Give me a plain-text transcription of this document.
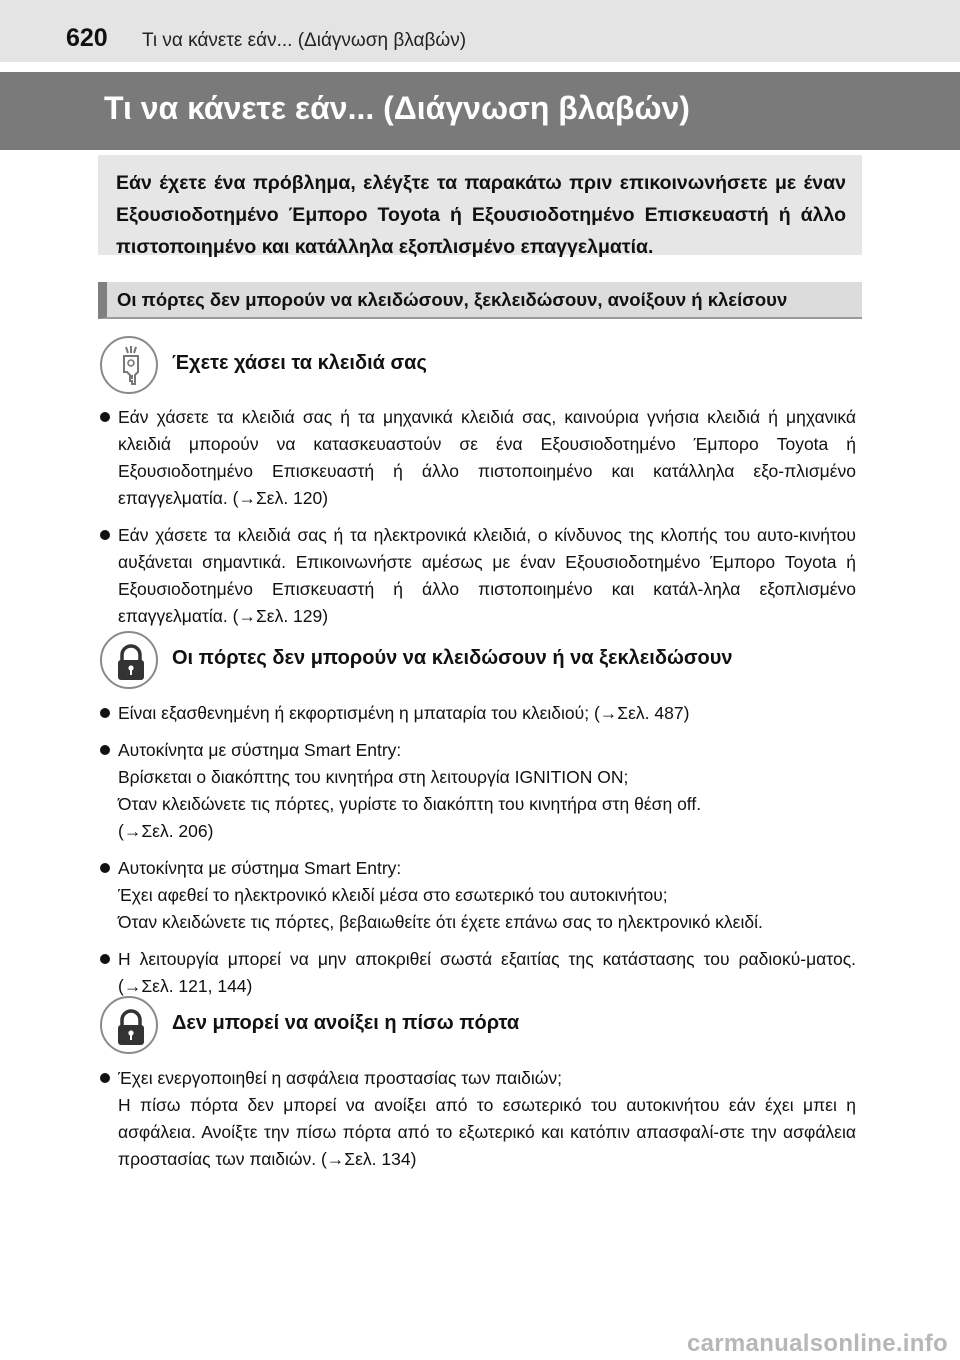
620 Τι να κάνετε εάν... (Διάγνωση βλαβών)
Τι να κάνετε εάν... (Διάγνωση βλαβών)
Εάν έχετε ένα πρόβλημα, ελέγξτε τα παρακάτω πριν επικοινωνήσετε με έναν Εξουσιοδοτημένο Έμπορο Toyota ή Εξουσιοδοτημένο Επισκευαστή ή άλλο πιστοποιημένο και κατάλληλα εξοπλισμένο επαγγελματία.
Οι πόρτες δεν μπορούν να κλειδώσουν, ξεκλειδώσουν, ανοίξουν ή κλείσουν
Έχετε χάσει τα κλειδιά σας
Εάν χάσετε τα κλειδιά σας ή τα μηχανικά κλειδιά σας, καινούρια γνήσια κλειδιά ή μηχανικά κλειδιά μπορούν να κατασκευαστούν σε ένα Εξουσιοδοτημένο Έμπορο Toyota ή Εξουσιοδοτημένο Επισκευαστή ή άλλο πιστοποιημένο και κατάλληλα εξο-πλισμένο επαγγελματία. (→Σελ. 120)
Εάν χάσετε τα κλειδιά σας ή τα ηλεκτρονικά κλειδιά, ο κίνδυνος της κλοπής του αυτο-κινήτου αυξάνεται σημαντικά. Επικοινωνήστε αμέσως με έναν Εξουσιοδοτημένο Έμπορο Toyota ή Εξουσιοδοτημένο Επισκευαστή ή άλλο πιστοποιημένο και κατάλ-ληλα εξοπλισμένο επαγγελματία. (→Σελ. 129)
Οι πόρτες δεν μπορούν να κλειδώσουν ή να ξεκλειδώσουν
Είναι εξασθενημένη ή εκφορτισμένη η μπαταρία του κλειδιού; (→Σελ. 487)
Αυτοκίνητα με σύστημα Smart Entry:
Βρίσκεται ο διακόπτης του κινητήρα στη λειτουργία IGNITION ON;
Όταν κλειδώνετε τις πόρτες, γυρίστε το διακόπτη του κινητήρα στη θέση off.
(→Σελ. 206)
Αυτοκίνητα με σύστημα Smart Entry:
Έχει αφεθεί το ηλεκτρονικό κλειδί μέσα στο εσωτερικό του αυτοκινήτου;
Όταν κλειδώνετε τις πόρτες, βεβαιωθείτε ότι έχετε επάνω σας το ηλεκτρονικό κλειδί.
Η λειτουργία μπορεί να μην αποκριθεί σωστά εξαιτίας της κατάστασης του ραδιοκύ-ματος. (→Σελ. 121, 144)
Δεν μπορεί να ανοίξει η πίσω πόρτα
Έχει ενεργοποιηθεί η ασφάλεια προστασίας των παιδιών;
Η πίσω πόρτα δεν μπορεί να ανοίξει από το εσωτερικό του αυτοκινήτου εάν έχει μπει η ασφάλεια. Ανοίξτε την πίσω πόρτα από το εξωτερικό και κατόπιν απασφαλί-στε την ασφάλεια προστασίας των παιδιών. (→Σελ. 134)
carmanualsonline.info
